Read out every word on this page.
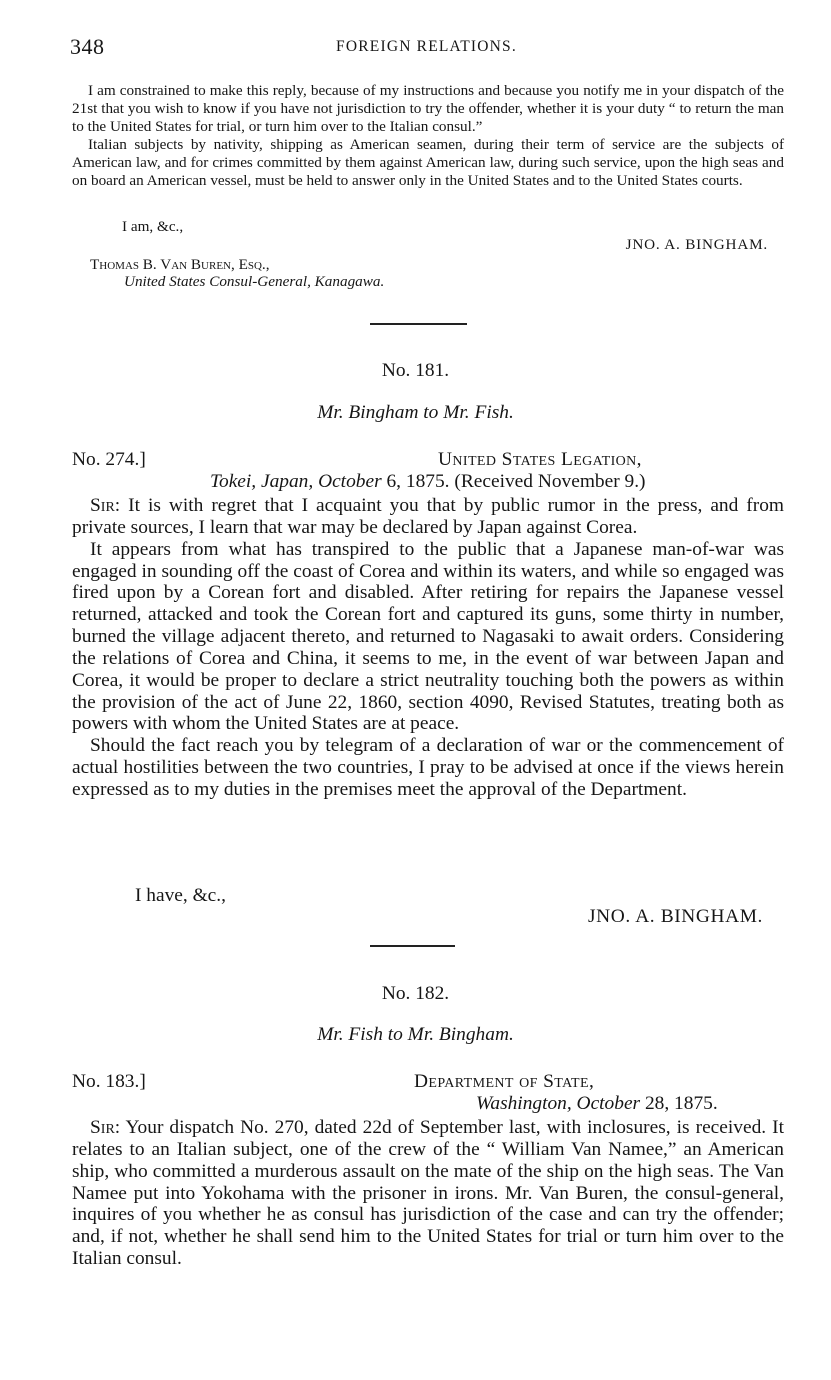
348	FOREIGN RELATIONS.

I am constrained to make this reply, because of my instructions and because you notify me in your dispatch of the 21st that you wish to know if you have not jurisdiction to try the offender, whether it is your duty “ to return the man to the United States for trial, or turn him over to the Italian consul.”

Italian subjects by nativity, shipping as American seamen, during their term of service are the subjects of American law, and for crimes committed by them against American law, during such service, upon the high seas and on board an American vessel, must be held to answer only in the United States and to the United States courts.

I am, &c.,
JNO. A. BINGHAM.
Thomas B. Van Buren, Esq.,
United States Consul-General, Kanagawa.
No. 181.
Mr. Bingham to Mr. Fish.
No. 274.]	United States Legation,
Tokei, Japan, October 6, 1875. (Received November 9.)

Sir: It is with regret that I acquaint you that by public rumor in the press, and from private sources, I learn that war may be declared by Japan against Corea.

It appears from what has transpired to the public that a Japanese man-of-war was engaged in sounding off the coast of Corea and within its waters, and while so engaged was fired upon by a Corean fort and disabled. After retiring for repairs the Japanese vessel returned, attacked and took the Corean fort and captured its guns, some thirty in number, burned the village adjacent thereto, and returned to Nagasaki to await orders. Considering the relations of Corea and China, it seems to me, in the event of war between Japan and Corea, it would be proper to declare a strict neutrality touching both the powers as within the provision of the act of June 22, 1860, section 4090, Revised Statutes, treating both as powers with whom the United States are at peace.

Should the fact reach you by telegram of a declaration of war or the commencement of actual hostilities between the two countries, I pray to be advised at once if the views herein expressed as to my duties in the premises meet the approval of the Department.

I have, &c.,
JNO. A. BINGHAM.
No. 182.
Mr. Fish to Mr. Bingham.
No. 183.]	Department of State,
Washington, October 28, 1875.

Sir: Your dispatch No. 270, dated 22d of September last, with inclosures, is received. It relates to an Italian subject, one of the crew of the “ William Van Namee,” an American ship, who committed a murderous assault on the mate of the ship on the high seas. The Van Namee put into Yokohama with the prisoner in irons. Mr. Van Buren, the consul-general, inquires of you whether he as consul has jurisdiction of the case and can try the offender; and, if not, whether he shall send him to the United States for trial or turn him over to the Italian consul.
